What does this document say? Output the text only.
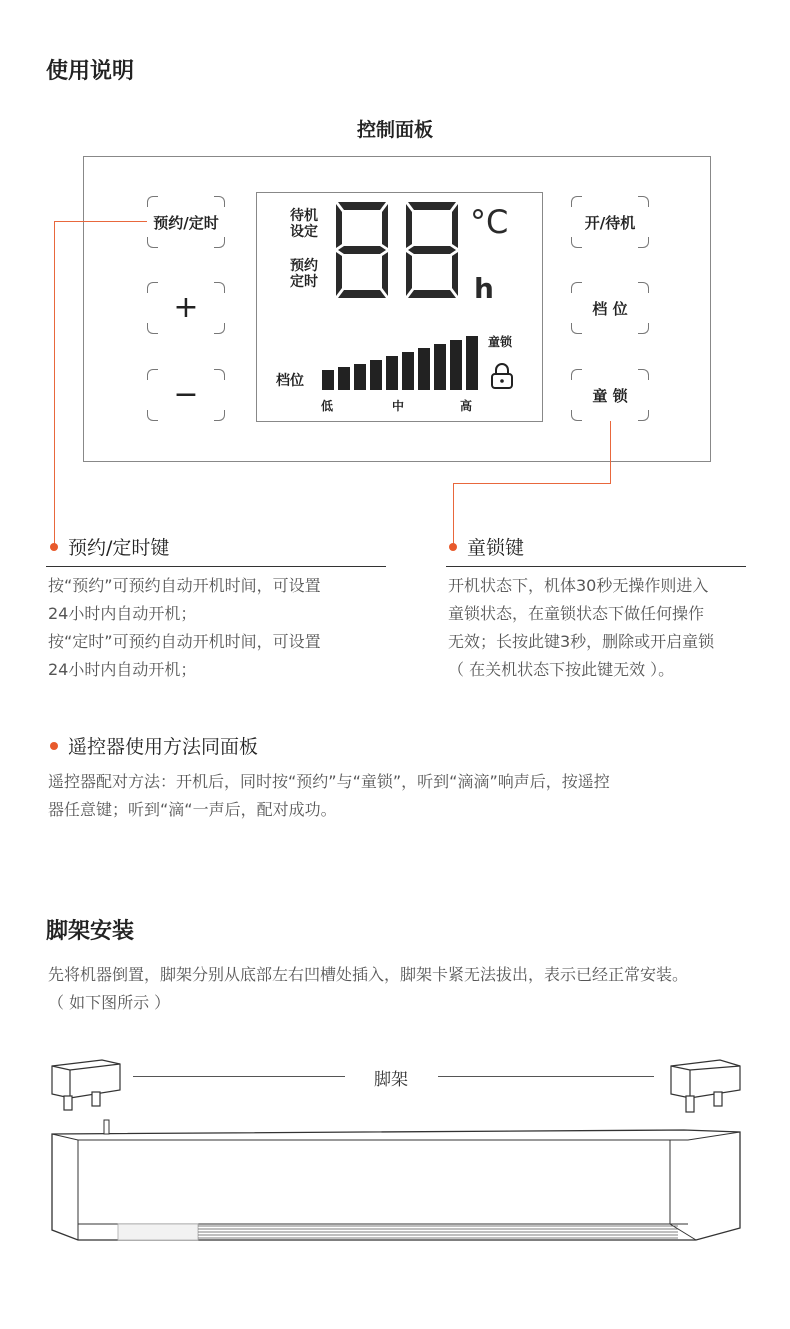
使用说明
控制面板
预约/定时
+
−
开/待机
档 位
童 锁
待机
设定
预约
定时
°C
h
童锁
档位
低	中	高
预约/定时键
按“预约”可预约自动开机时间，可设置
24小时内自动开机；
按“定时”可预约自动开机时间，可设置
24小时内自动开机；
童锁键
开机状态下，机体30秒无操作则进入
童锁状态，在童锁状态下做任何操作
无效；长按此键3秒，删除或开启童锁
（ 在关机状态下按此键无效 ）。
遥控器使用方法同面板
遥控器配对方法：开机后，同时按“预约”与“童锁”，听到“滴滴”响声后，按遥控
器任意键；听到“滴“一声后，配对成功。
脚架安装
先将机器倒置，脚架分别从底部左右凹槽处插入，脚架卡紧无法拔出，表示已经正常安装。
（ 如下图所示 ）
脚架
